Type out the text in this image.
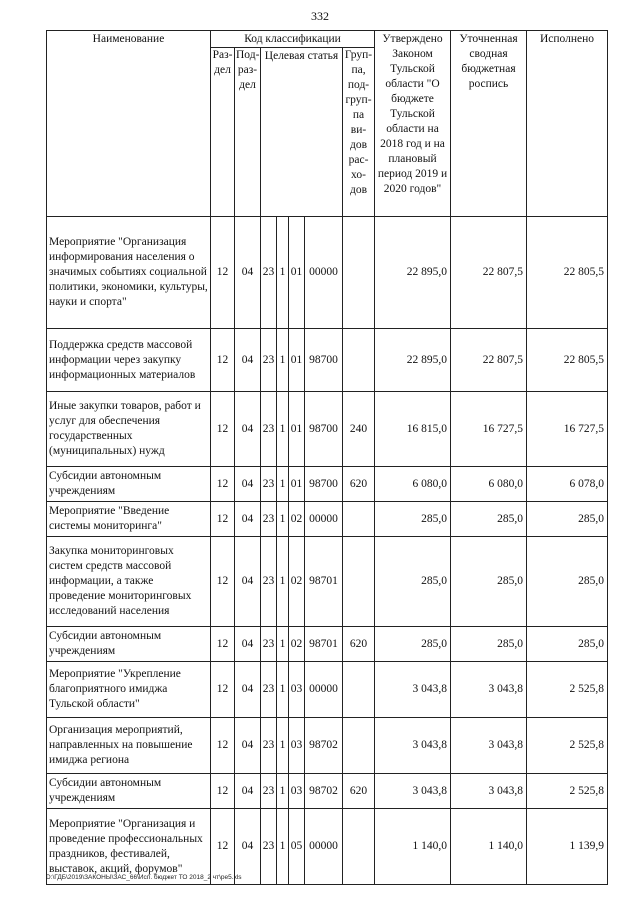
332
Наименование	Код классификации							Утверждено Законом Тульской области "О бюджете Тульской области на 2018 год и на плановый период 2019 и 2020 годов"	Уточненная сводная бюджетная роспись	Исполнено
	Раз-дел	Под-раз-дел	Целевая статья				Груп-па, под-груп-па ви-дов рас-хо-дов			
Мероприятие "Организация информирования населения о значимых событиях социальной политики, экономики, культуры, науки и спорта"	12	04	23	1	01	00000		22 895,0	22 807,5	22 805,5
Поддержка средств массовой информации через закупку информационных материалов	12	04	23	1	01	98700		22 895,0	22 807,5	22 805,5
Иные закупки товаров, работ и услуг для обеспечения государственных (муниципальных) нужд	12	04	23	1	01	98700	240	16 815,0	16 727,5	16 727,5
Субсидии автономным учреждениям	12	04	23	1	01	98700	620	6 080,0	6 080,0	6 078,0
Мероприятие "Введение системы мониторинга"	12	04	23	1	02	00000		285,0	285,0	285,0
Закупка мониторинговых систем средств массовой информации, а также проведение мониторинговых исследований населения	12	04	23	1	02	98701		285,0	285,0	285,0
Субсидии автономным учреждениям	12	04	23	1	02	98701	620	285,0	285,0	285,0
Мероприятие "Укрепление благоприятного имиджа Тульской области"	12	04	23	1	03	00000		3 043,8	3 043,8	2 525,8
Организация мероприятий, направленных на повышение имиджа региона	12	04	23	1	03	98702		3 043,8	3 043,8	2 525,8
Субсидии автономным учреждениям	12	04	23	1	03	98702	620	3 043,8	3 043,8	2 525,8
Мероприятие "Организация и проведение профессиональных праздников, фестивалей, выставок, акций, форумов"	12	04	23	1	05	00000		1 140,0	1 140,0	1 139,9
D:\ГДБ\2019\ЗАКОНЫ\ЗАС_66\Исп. бюджет ТО 2018_2 чт\ре5.xls
